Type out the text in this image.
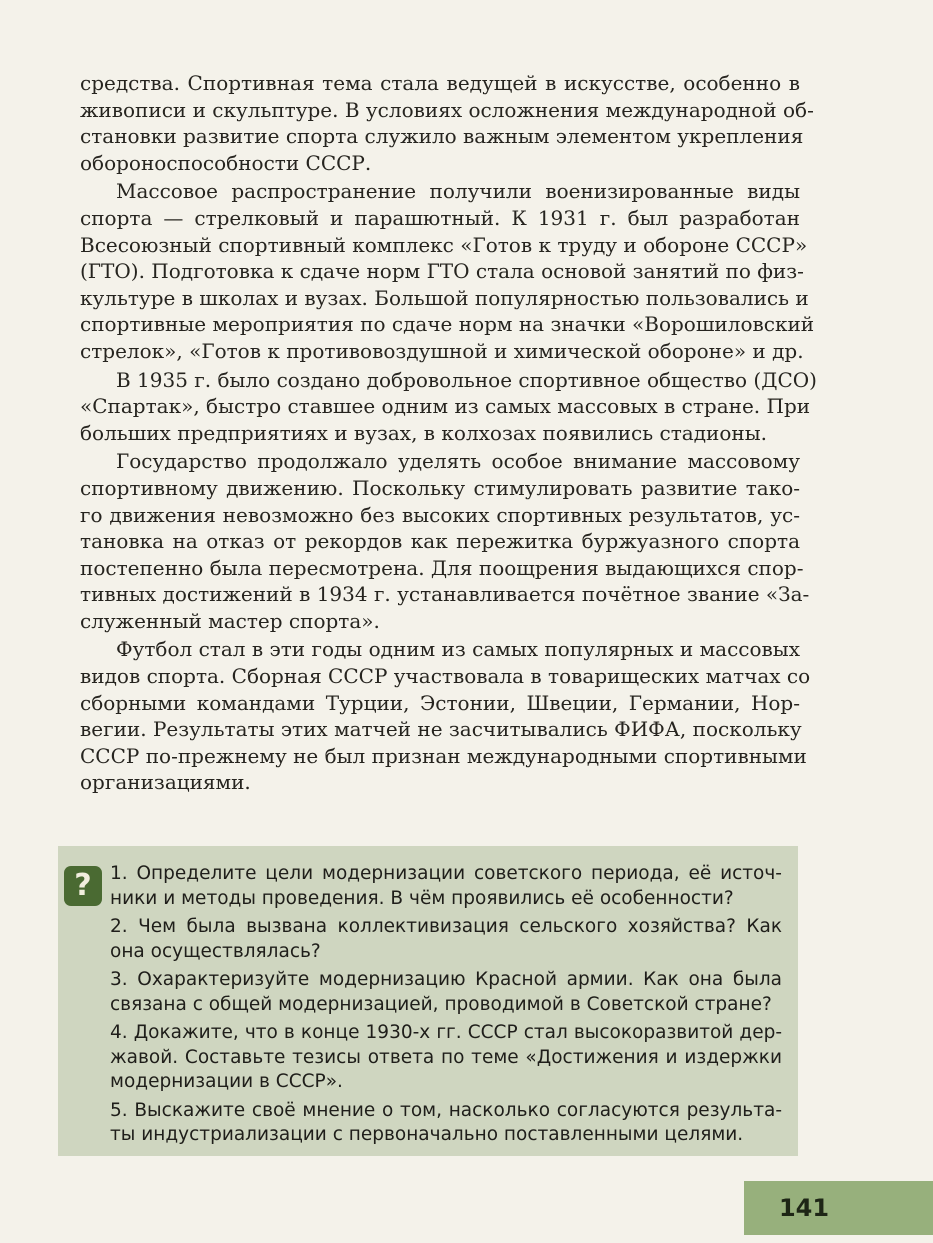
средства. Спортивная тема стала ведущей в искусстве, особенно в
живописи и скульптуре. В условиях осложнения международной об-
становки развитие спорта служило важным элементом укрепления
обороноспособности СССР.

Массовое распространение получили военизированные виды
спорта — стрелковый и парашютный. К 1931 г. был разработан
Всесоюзный спортивный комплекс «Готов к труду и обороне СССР»
(ГТО). Подготовка к сдаче норм ГТО стала основой занятий по физ-
культуре в школах и вузах. Большой популярностью пользовались и
спортивные мероприятия по сдаче норм на значки «Ворошиловский
стрелок», «Готов к противовоздушной и химической обороне» и др.

В 1935 г. было создано добровольное спортивное общество (ДСО)
«Спартак», быстро ставшее одним из самых массовых в стране. При
больших предприятиях и вузах, в колхозах появились стадионы.

Государство продолжало уделять особое внимание массовому
спортивному движению. Поскольку стимулировать развитие тако-
го движения невозможно без высоких спортивных результатов, ус-
тановка на отказ от рекордов как пережитка буржуазного спорта
постепенно была пересмотрена. Для поощрения выдающихся спор-
тивных достижений в 1934 г. устанавливается почётное звание «За-
служенный мастер спорта».

Футбол стал в эти годы одним из самых популярных и массовых
видов спорта. Сборная СССР участвовала в товарищеских матчах со
сборными командами Турции, Эстонии, Швеции, Германии, Нор-
вегии. Результаты этих матчей не засчитывались ФИФА, поскольку
СССР по-прежнему не был признан международными спортивными
организациями.

? 1. Определите цели модернизации советского периода, её источ-
ники и методы проведения. В чём проявились её особенности?
2. Чем была вызвана коллективизация сельского хозяйства? Как
она осуществлялась?
3. Охарактеризуйте модернизацию Красной армии. Как она была
связана с общей модернизацией, проводимой в Советской стране?
4. Докажите, что в конце 1930-х гг. СССР стал высокоразвитой дер-
жавой. Составьте тезисы ответа по теме «Достижения и издержки
модернизации в СССР».
5. Выскажите своё мнение о том, насколько согласуются результа-
ты индустриализации с первоначально поставленными целями.
141
